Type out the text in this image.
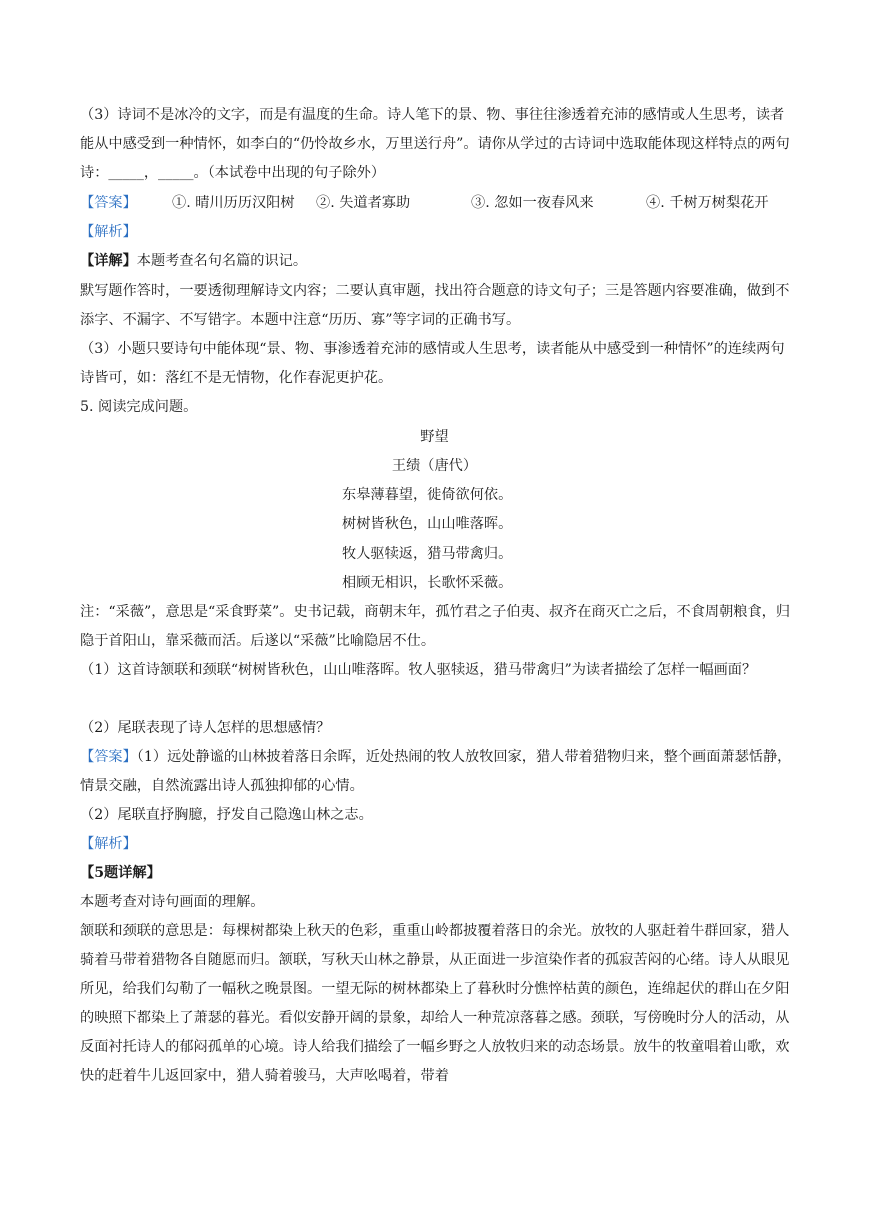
（3）诗词不是冰冷的文字，而是有温度的生命。诗人笔下的景、物、事往往渗透着充沛的感情或人生思考，读者能从中感受到一种情怀，如李白的“仍怜故乡水，万里送行舟”。请你从学过的古诗词中选取能体现这样特点的两句诗：_____，_____。（本试卷中出现的句子除外）

【答案】 ①. 晴川历历汉阳树 ②. 失道者寡助	③. 忽如一夜春风来	④. 千树万树梨花开

【解析】

【详解】本题考查名句名篇的识记。

默写题作答时，一要透彻理解诗文内容；二要认真审题，找出符合题意的诗文句子；三是答题内容要准确，做到不添字、不漏字、不写错字。本题中注意“历历、寡”等字词的正确书写。

（3）小题只要诗句中能体现“景、物、事渗透着充沛的感情或人生思考，读者能从中感受到一种情怀”的连续两句诗皆可，如：落红不是无情物，化作春泥更护花。

5. 阅读完成问题。

野望
王绩（唐代）
东皋薄暮望，徙倚欲何依。
树树皆秋色，山山唯落晖。
牧人驱犊返，猎马带禽归。
相顾无相识，长歌怀采薇。

注：“采薇”，意思是“采食野菜”。史书记载，商朝末年，孤竹君之子伯夷、叔齐在商灭亡之后，不食周朝粮食，归隐于首阳山，靠采薇而活。后遂以“采薇”比喻隐居不仕。

（1）这首诗颔联和颈联“树树皆秋色，山山唯落晖。牧人驱犊返，猎马带禽归”为读者描绘了怎样一幅画面？

（2）尾联表现了诗人怎样的思想感情？

【答案】（1）远处静谧的山林披着落日余晖，近处热闹的牧人放牧回家，猎人带着猎物归来，整个画面萧瑟恬静，情景交融，自然流露出诗人孤独抑郁的心情。

（2）尾联直抒胸臆，抒发自己隐逸山林之志。

【解析】

【5题详解】

本题考查对诗句画面的理解。

颔联和颈联的意思是：每棵树都染上秋天的色彩，重重山岭都披覆着落日的余光。放牧的人驱赶着牛群回家，猎人骑着马带着猎物各自随愿而归。颔联，写秋天山林之静景，从正面进一步渲染作者的孤寂苦闷的心绪。诗人从眼见所见，给我们勾勒了一幅秋之晚景图。一望无际的树林都染上了暮秋时分憔悴枯黄的颜色，连绵起伏的群山在夕阳的映照下都染上了萧瑟的暮光。看似安静开阔的景象，却给人一种荒凉落暮之感。颈联，写傍晚时分人的活动，从反面衬托诗人的郁闷孤单的心境。诗人给我们描绘了一幅乡野之人放牧归来的动态场景。放牛的牧童唱着山歌，欢快的赶着牛儿返回家中，猎人骑着骏马，大声吆喝着，带着
